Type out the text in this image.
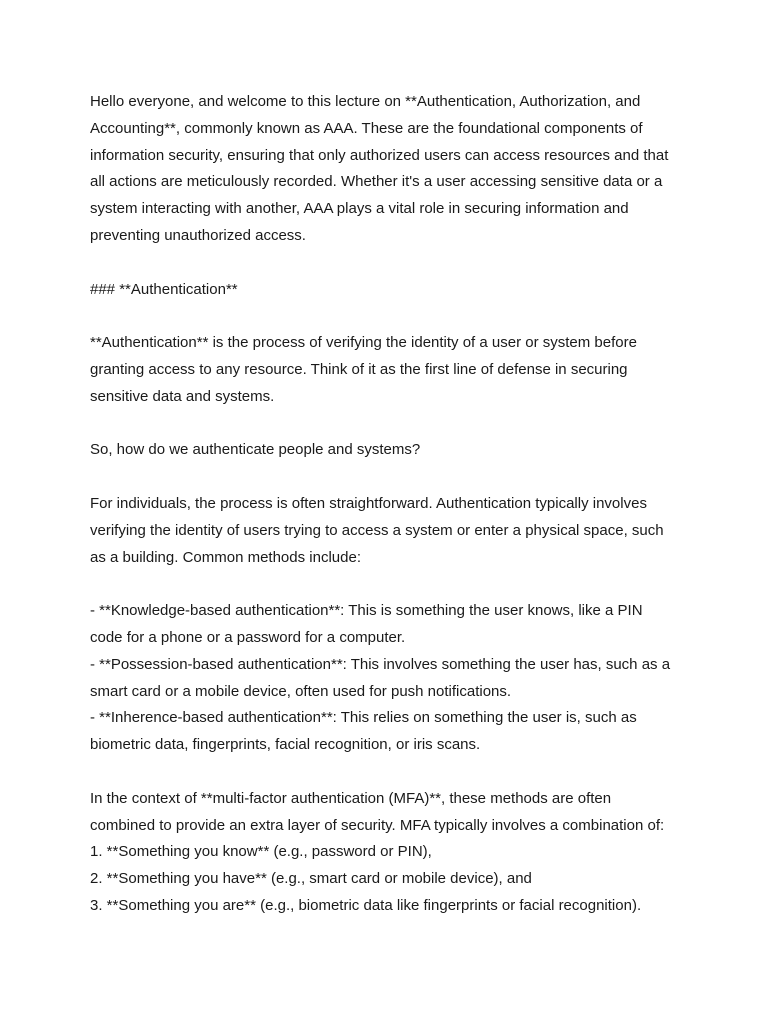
Hello everyone, and welcome to this lecture on **Authentication, Authorization, and
Accounting**, commonly known as AAA. These are the foundational components of
information security, ensuring that only authorized users can access resources and that
all actions are meticulously recorded. Whether it's a user accessing sensitive data or a
system interacting with another, AAA plays a vital role in securing information and
preventing unauthorized access.
### **Authentication**
**Authentication** is the process of verifying the identity of a user or system before
granting access to any resource. Think of it as the first line of defense in securing
sensitive data and systems.
So, how do we authenticate people and systems?
For individuals, the process is often straightforward. Authentication typically involves
verifying the identity of users trying to access a system or enter a physical space, such
as a building. Common methods include:
- **Knowledge-based authentication**: This is something the user knows, like a PIN
code for a phone or a password for a computer.
- **Possession-based authentication**: This involves something the user has, such as a
smart card or a mobile device, often used for push notifications.
- **Inherence-based authentication**: This relies on something the user is, such as
biometric data, fingerprints, facial recognition, or iris scans.
In the context of **multi-factor authentication (MFA)**, these methods are often
combined to provide an extra layer of security. MFA typically involves a combination of:
1. **Something you know** (e.g., password or PIN),
2. **Something you have** (e.g., smart card or mobile device), and
3. **Something you are** (e.g., biometric data like fingerprints or facial recognition).
